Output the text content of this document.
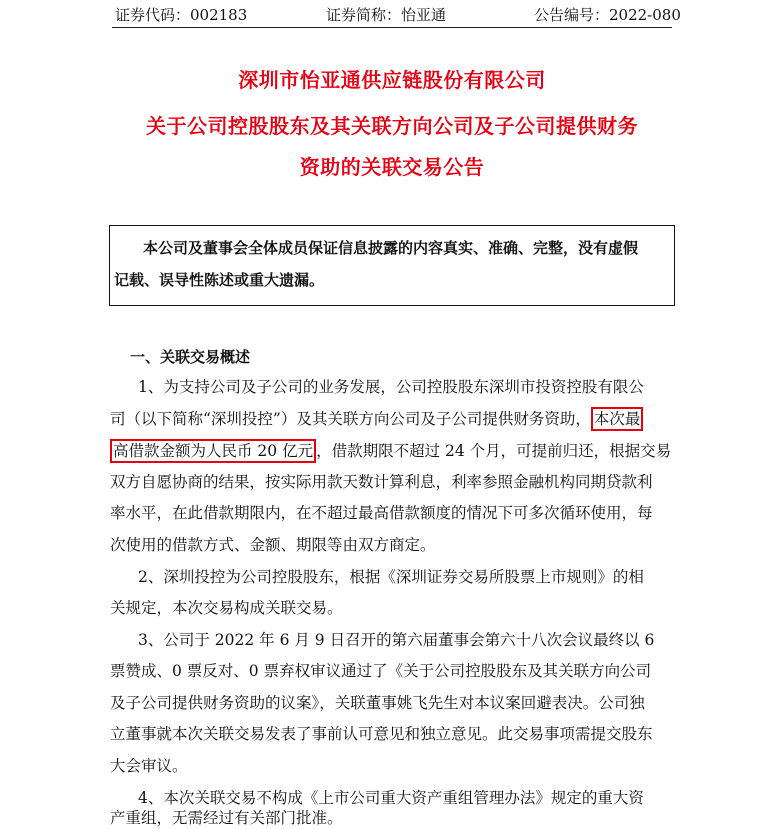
证券代码：002183	证券简称：怡亚通	公告编号：2022-080
深圳市怡亚通供应链股份有限公司
关于公司控股股东及其关联方向公司及子公司提供财务
资助的关联交易公告
本公司及董事会全体成员保证信息披露的内容真实、准确、完整，没有虚假
记载、误导性陈述或重大遗漏。
一、关联交易概述
1、为支持公司及子公司的业务发展，公司控股股东深圳市投资控股有限公
司（以下简称“深圳投控”）及其关联方向公司及子公司提供财务资助， 本次最
高借款金额为人民币 20 亿元 ，借款期限不超过 24 个月，可提前归还，根据交易
双方自愿协商的结果，按实际用款天数计算利息，利率参照金融机构同期贷款利
率水平，在此借款期限内，在不超过最高借款额度的情况下可多次循环使用，每
次使用的借款方式、金额、期限等由双方商定。
2、深圳投控为公司控股股东，根据《深圳证券交易所股票上市规则》的相
关规定，本次交易构成关联交易。
3、公司于 2022 年 6 月 9 日召开的第六届董事会第六十八次会议最终以 6
票赞成、0 票反对、0 票弃权审议通过了《关于公司控股股东及其关联方向公司
及子公司提供财务资助的议案》，关联董事姚飞先生对本议案回避表决。公司独
立董事就本次关联交易发表了事前认可意见和独立意见。此交易事项需提交股东
大会审议。
4、本次关联交易不构成《上市公司重大资产重组管理办法》规定的重大资
产重组，无需经过有关部门批准。
